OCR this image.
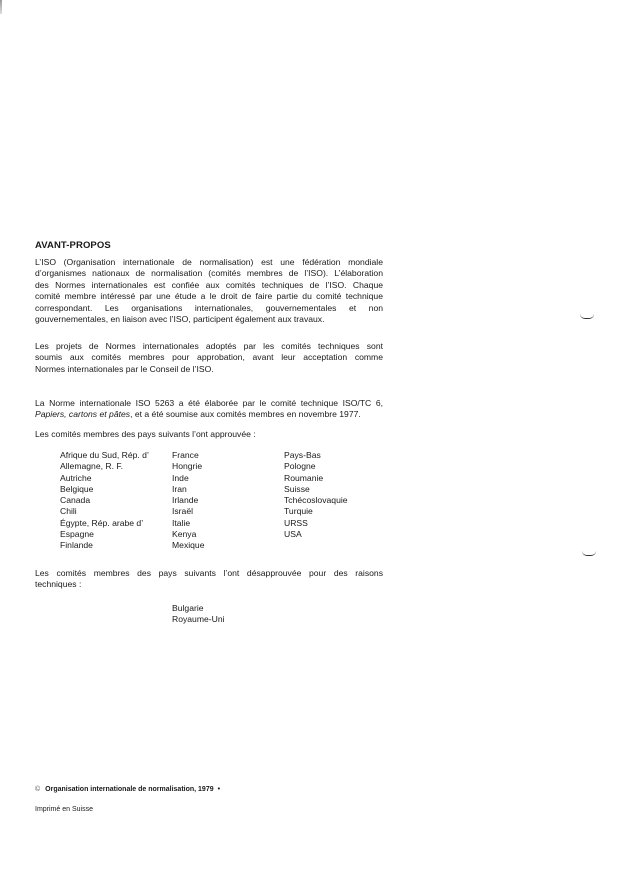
AVANT-PROPOS
L’ISO (Organisation internationale de normalisation) est une fédération mondiale
d’organismes nationaux de normalisation (comités membres de l’ISO). L’élaboration
des Normes internationales est confiée aux comités techniques de l’ISO. Chaque
comité membre intéressé par une étude a le droit de faire partie du comité technique
correspondant. Les organisations internationales, gouvernementales et non
gouvernementales, en liaison avec l’ISO, participent également aux travaux.
Les projets de Normes internationales adoptés par les comités techniques sont
soumis aux comités membres pour approbation, avant leur acceptation comme
Normes internationales par le Conseil de l’ISO.
La Norme internationale ISO 5263 a été élaborée par le comité technique ISO/TC 6,
Papiers, cartons et pâtes, et a été soumise aux comités membres en novembre 1977.
Les comités membres des pays suivants l’ont approuvée :
Afrique du Sud, Rép. d’
Allemagne, R. F.
Autriche
Belgique
Canada
Chili
Égypte, Rép. arabe d’
Espagne
Finlande
France
Hongrie
Inde
Iran
Irlande
Israël
Italie
Kenya
Mexique
Pays-Bas
Pologne
Roumanie
Suisse
Tchécoslovaquie
Turquie
URSS
USA
Les comités membres des pays suivants l’ont désapprouvée pour des raisons
techniques :
Bulgarie
Royaume-Uni
© Organisation internationale de normalisation, 1979 •
Imprimé en Suisse
